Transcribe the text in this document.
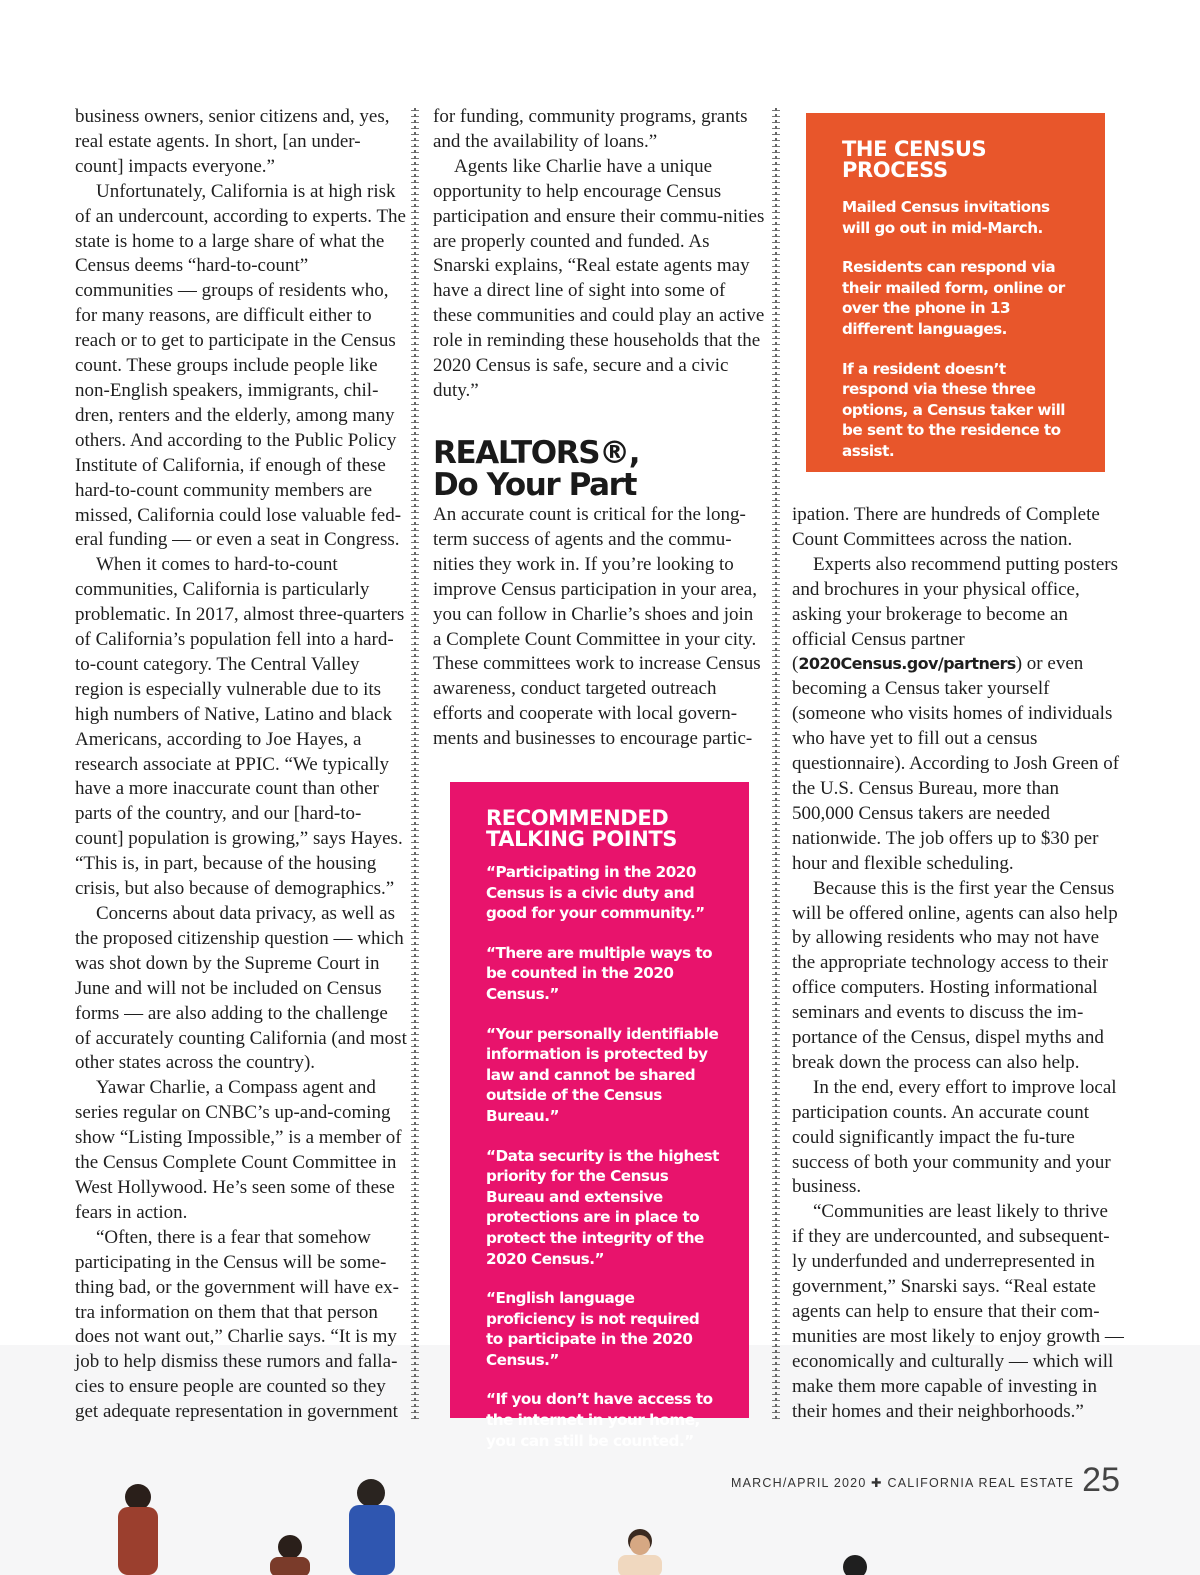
business owners, senior citizens and, yes, real estate agents. In short, [an under-count] impacts everyone.”

Unfortunately, California is at high risk of an undercount, according to experts. The state is home to a large share of what the Census deems “hard-to-count” communities — groups of residents who, for many reasons, are difficult either to reach or to get to participate in the Census count. These groups include people like non-English speakers, immigrants, chil-dren, renters and the elderly, among many others. And according to the Public Policy Institute of California, if enough of these hard-to-count community members are missed, California could lose valuable fed-eral funding — or even a seat in Congress.

When it comes to hard-to-count communities, California is particularly problematic. In 2017, almost three-quarters of California’s population fell into a hard-to-count category. The Central Valley region is especially vulnerable due to its high numbers of Native, Latino and black Americans, according to Joe Hayes, a research associate at PPIC. “We typically have a more inaccurate count than other parts of the country, and our [hard-to-count] population is growing,” says Hayes. “This is, in part, because of the housing crisis, but also because of demographics.”

Concerns about data privacy, as well as the proposed citizenship question — which was shot down by the Supreme Court in June and will not be included on Census forms — are also adding to the challenge of accurately counting California (and most other states across the country).

Yawar Charlie, a Compass agent and series regular on CNBC’s up-and-coming show “Listing Impossible,” is a member of the Census Complete Count Committee in West Hollywood. He’s seen some of these fears in action.

“Often, there is a fear that somehow participating in the Census will be some-thing bad, or the government will have ex-tra information on them that that person does not want out,” Charlie says. “It is my job to help dismiss these rumors and falla-cies to ensure people are counted so they get adequate representation in government

for funding, community programs, grants and the availability of loans.”

Agents like Charlie have a unique opportunity to help encourage Census participation and ensure their commu-nities are properly counted and funded. As Snarski explains, “Real estate agents may have a direct line of sight into some of these communities and could play an active role in reminding these households that the 2020 Census is safe, secure and a civic duty.”

REALTORS®,
Do Your Part

An accurate count is critical for the long-term success of agents and the commu-nities they work in. If you’re looking to improve Census participation in your area, you can follow in Charlie’s shoes and join a Complete Count Committee in your city. These committees work to increase Census awareness, conduct targeted outreach efforts and cooperate with local govern-ments and businesses to encourage partic-

THE CENSUS
PROCESS

Mailed Census invitations will go out in mid-March.

Residents can respond via their mailed form, online or over the phone in 13 different languages.

If a resident doesn’t respond via these three options, a Census taker will be sent to the residence to assist.

ipation. There are hundreds of Complete Count Committees across the nation.

Experts also recommend putting posters and brochures in your physical office, asking your brokerage to become an official Census partner (2020Census.gov/partners) or even becoming a Census taker yourself (someone who visits homes of individuals who have yet to fill out a census questionnaire). According to Josh Green of the U.S. Census Bureau, more than 500,000 Census takers are needed nationwide. The job offers up to $30 per hour and flexible scheduling.

Because this is the first year the Census will be offered online, agents can also help by allowing residents who may not have the appropriate technology access to their office computers. Hosting informational seminars and events to discuss the im-portance of the Census, dispel myths and break down the process can also help.

In the end, every effort to improve local participation counts. An accurate count could significantly impact the fu-ture success of both your community and your business.

“Communities are least likely to thrive if they are undercounted, and subsequent-ly underfunded and underrepresented in government,” Snarski says. “Real estate agents can help to ensure that their com-munities are most likely to enjoy growth — economically and culturally — which will make them more capable of investing in their homes and their neighborhoods.”

RECOMMENDED
TALKING POINTS

“Participating in the 2020 Census is a civic duty and good for your community.”

“There are multiple ways to be counted in the 2020 Census.”

“Your personally identifiable information is protected by law and cannot be shared outside of the Census Bureau.”

“Data security is the highest priority for the Census Bureau and extensive protections are in place to protect the integrity of the 2020 Census.”

“English language proficiency is not required to participate in the 2020 Census.”

“If you don’t have access to the internet in your home, you can still be counted.”

MARCH/APRIL 2020 ✚ CALIFORNIA REAL ESTATE 25
